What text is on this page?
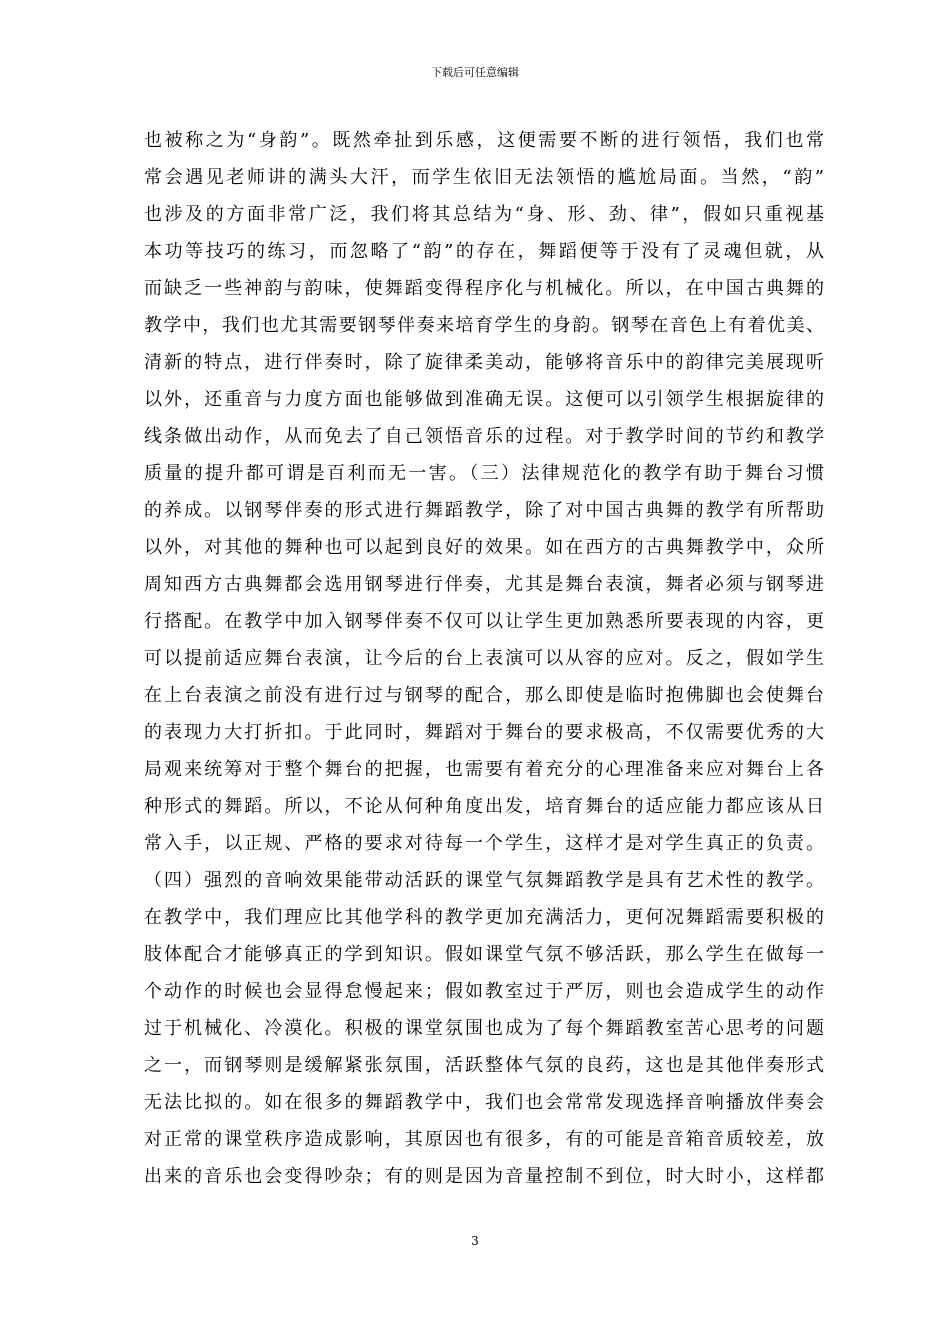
下载后可任意编辑
也被称之为“身韵”。既然牵扯到乐感，这便需要不断的进行领悟，我们也常
常会遇见老师讲的满头大汗，而学生依旧无法领悟的尴尬局面。当然，“韵”
也涉及的方面非常广泛，我们将其总结为“身、形、劲、律”，假如只重视基
本功等技巧的练习，而忽略了“韵”的存在，舞蹈便等于没有了灵魂但就，从
而缺乏一些神韵与韵味，使舞蹈变得程序化与机械化。所以，在中国古典舞的
教学中，我们也尤其需要钢琴伴奏来培育学生的身韵。钢琴在音色上有着优美、
清新的特点，进行伴奏时，除了旋律柔美动，能够将音乐中的韵律完美展现听
以外，还重音与力度方面也能够做到准确无误。这便可以引领学生根据旋律的
线条做出动作，从而免去了自己领悟音乐的过程。对于教学时间的节约和教学
质量的提升都可谓是百利而无一害。（三）法律规范化的教学有助于舞台习惯
的养成。以钢琴伴奏的形式进行舞蹈教学，除了对中国古典舞的教学有所帮助
以外，对其他的舞种也可以起到良好的效果。如在西方的古典舞教学中，众所
周知西方古典舞都会选用钢琴进行伴奏，尤其是舞台表演，舞者必须与钢琴进
行搭配。在教学中加入钢琴伴奏不仅可以让学生更加熟悉所要表现的内容，更
可以提前适应舞台表演，让今后的台上表演可以从容的应对。反之，假如学生
在上台表演之前没有进行过与钢琴的配合，那么即使是临时抱佛脚也会使舞台
的表现力大打折扣。于此同时，舞蹈对于舞台的要求极高，不仅需要优秀的大
局观来统筹对于整个舞台的把握，也需要有着充分的心理准备来应对舞台上各
种形式的舞蹈。所以，不论从何种角度出发，培育舞台的适应能力都应该从日
常入手，以正规、严格的要求对待每一个学生，这样才是对学生真正的负责。
（四）强烈的音响效果能带动活跃的课堂气氛舞蹈教学是具有艺术性的教学。
在教学中，我们理应比其他学科的教学更加充满活力，更何况舞蹈需要积极的
肢体配合才能够真正的学到知识。假如课堂气氛不够活跃，那么学生在做每一
个动作的时候也会显得怠慢起来；假如教室过于严厉，则也会造成学生的动作
过于机械化、冷漠化。积极的课堂氛围也成为了每个舞蹈教室苦心思考的问题
之一，而钢琴则是缓解紧张氛围，活跃整体气氛的良药，这也是其他伴奏形式
无法比拟的。如在很多的舞蹈教学中，我们也会常常发现选择音响播放伴奏会
对正常的课堂秩序造成影响，其原因也有很多，有的可能是音箱音质较差，放
出来的音乐也会变得吵杂；有的则是因为音量控制不到位，时大时小，这样都
3
